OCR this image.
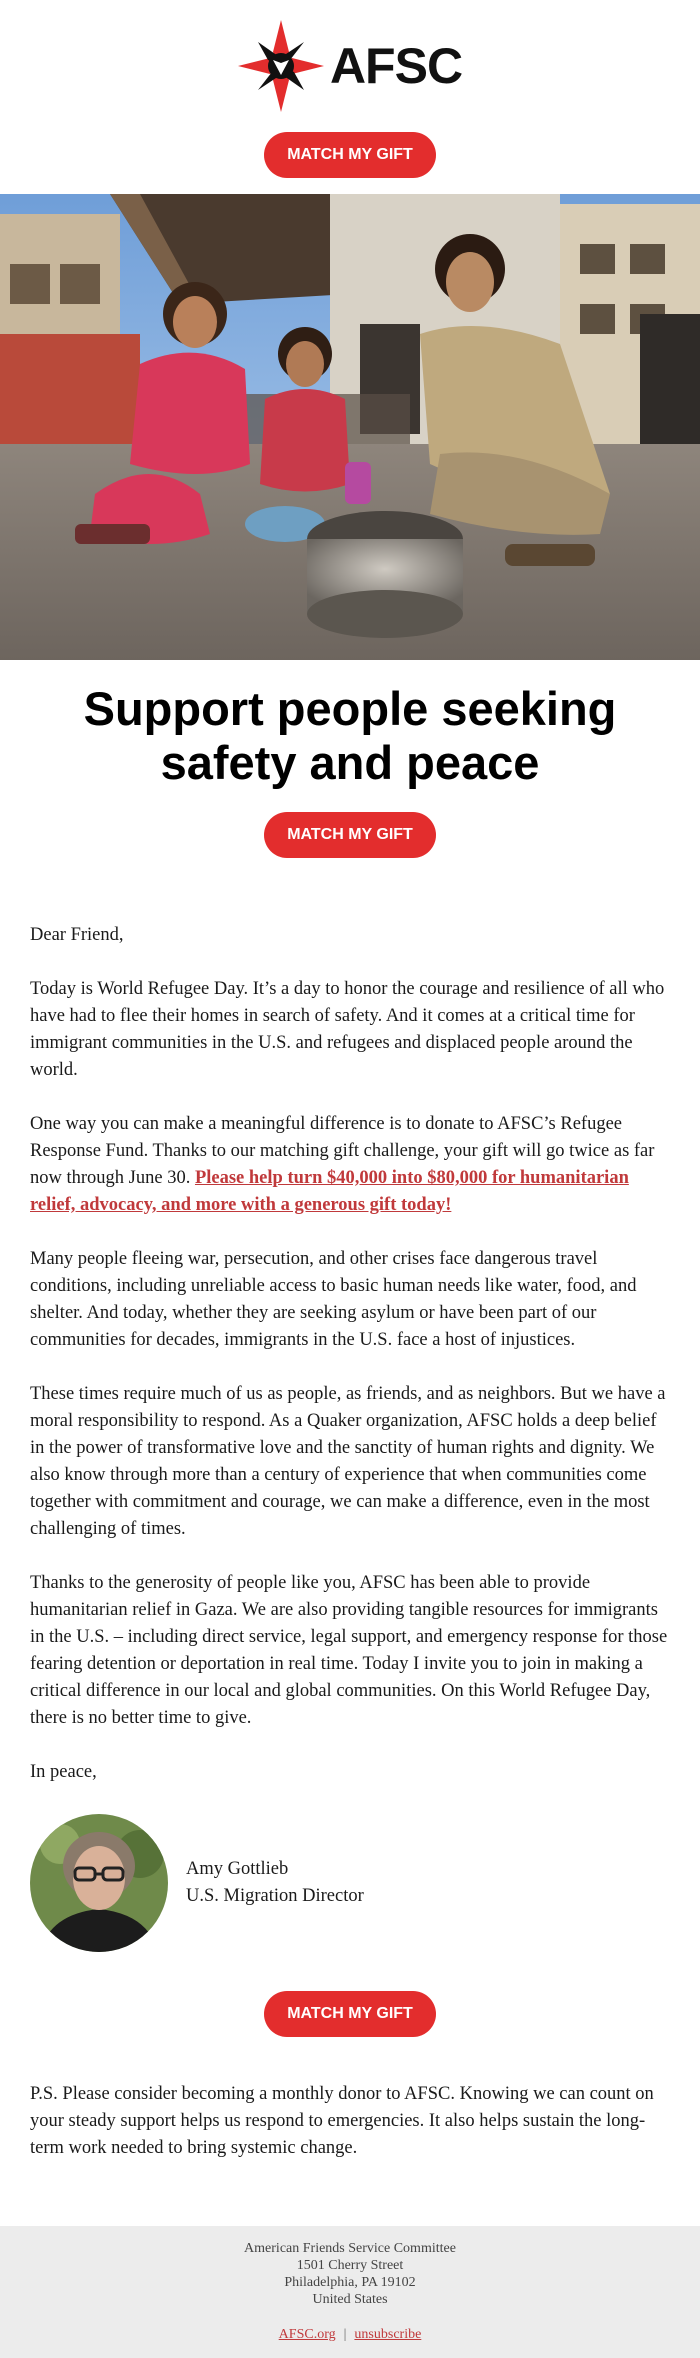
AFSC
MATCH MY GIFT
Support people seeking safety and peace
MATCH MY GIFT

Dear Friend,

Today is World Refugee Day. It’s a day to honor the courage and resilience of all who have had to flee their homes in search of safety. And it comes at a critical time for immigrant communities in the U.S. and refugees and displaced people around the world.

One way you can make a meaningful difference is to donate to AFSC’s Refugee Response Fund. Thanks to our matching gift challenge, your gift will go twice as far now through June 30. Please help turn $40,000 into $80,000 for humanitarian relief, advocacy, and more with a generous gift today!

Many people fleeing war, persecution, and other crises face dangerous travel conditions, including unreliable access to basic human needs like water, food, and shelter. And today, whether they are seeking asylum or have been part of our communities for decades, immigrants in the U.S. face a host of injustices.

These times require much of us as people, as friends, and as neighbors. But we have a moral responsibility to respond. As a Quaker organization, AFSC holds a deep belief in the power of transformative love and the sanctity of human rights and dignity. We also know through more than a century of experience that when communities come together with commitment and courage, we can make a difference, even in the most challenging of times.

Thanks to the generosity of people like you, AFSC has been able to provide humanitarian relief in Gaza. We are also providing tangible resources for immigrants in the U.S. – including direct service, legal support, and emergency response for those fearing detention or deportation in real time. Today I invite you to join in making a critical difference in our local and global communities. On this World Refugee Day, there is no better time to give.

In peace,

Amy Gottlieb
U.S. Migration Director
MATCH MY GIFT
P.S. Please consider becoming a monthly donor to AFSC. Knowing we can count on your steady support helps us respond to emergencies. It also helps sustain the long-term work needed to bring systemic change.
American Friends Service Committee
1501 Cherry Street
Philadelphia, PA 19102
United States
AFSC.org | unsubscribe
